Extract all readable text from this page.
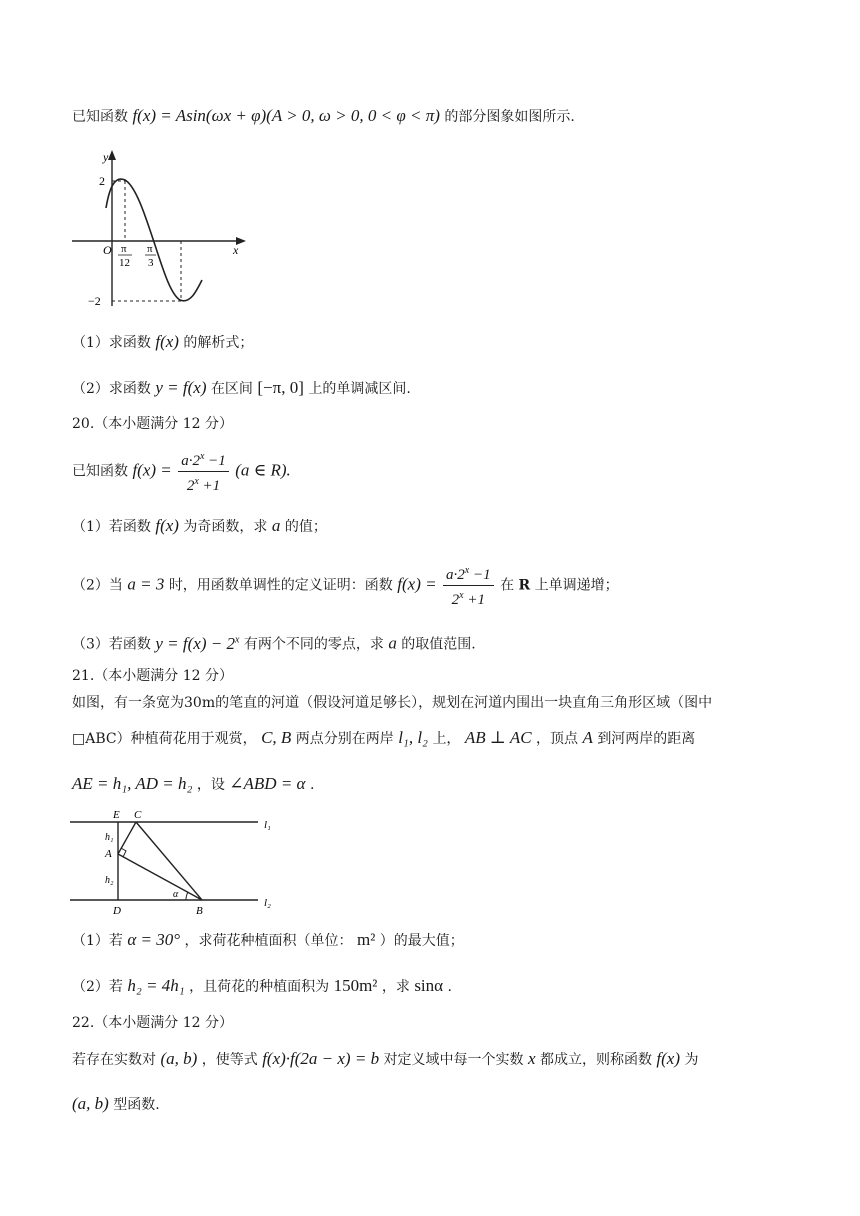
已知函数 f(x) = Asin(ωx + φ)(A > 0, ω > 0, 0 < φ < π) 的部分图象如图所示.
y
x
O
2
−2
π
12
π
3
（1）求函数 f(x) 的解析式；
（2）求函数 y = f(x) 在区间 [−π, 0] 上的单调减区间.
20.（本小题满分 12 分）
已知函数 $f(x) = \frac{a\cdot 2^x -1}{2^x +1} (a$ ∈ R).
（1）若函数 f(x) 为奇函数，求 a 的值；
（2）当 a = 3 时，用函数单调性的定义证明：函数 $f(x) = \frac{a\cdot 2^x -1}{2^x +1}$ 在 R 上单调递增；
（3）若函数 $y = f(x) - 2^x$ 有两个不同的零点，求 a 的取值范围.
21.（本小题满分 12 分）
如图，有一条宽为30m的笔直的河道（假设河道足够长），规划在河道内围出一块直角三角形区域（图中
□ABC）种植荷花用于观赏， C, B 两点分别在两岸 l₁, l₂ 上， AB ⊥ AC ，顶点 A 到河两岸的距离
AE = h₁, AD = h₂ ，设 ∠ABD = α .
E C
A
D	B
h₁
h₂
α
l₁
l₂
（1）若 α = 30° ，求荷花种植面积（单位： m² ）的最大值；
（2）若 h₂ = 4h₁ ，且荷花的种植面积为 150m² ，求 sinα .
22.（本小题满分 12 分）
若存在实数对 (a, b) ，使等式 f(x)·f(2a − x) = b 对定义域中每一个实数 x 都成立，则称函数 f(x) 为
(a, b) 型函数.
